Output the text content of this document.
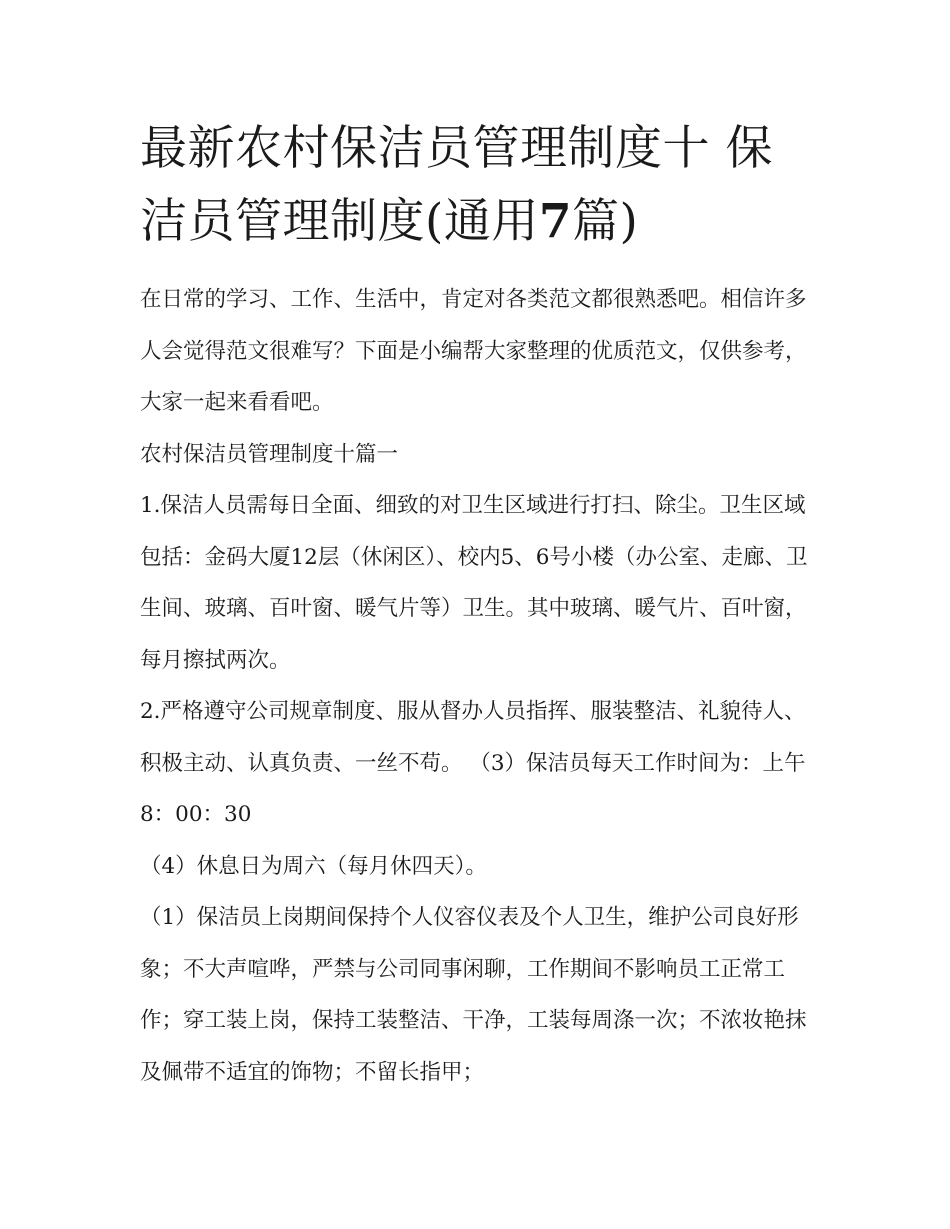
最新农村保洁员管理制度十 保洁员管理制度(通用7篇)

在日常的学习、工作、生活中，肯定对各类范文都很熟悉吧。相信许多人会觉得范文很难写？下面是小编帮大家整理的优质范文，仅供参考，大家一起来看看吧。

农村保洁员管理制度十篇一

1.保洁人员需每日全面、细致的对卫生区域进行打扫、除尘。卫生区域包括：金码大厦12层（休闲区）、校内5、6号小楼（办公室、走廊、卫生间、玻璃、百叶窗、暖气片等）卫生。其中玻璃、暖气片、百叶窗，每月擦拭两次。

2.严格遵守公司规章制度、服从督办人员指挥、服装整洁、礼貌待人、积极主动、认真负责、一丝不苟。 （3）保洁员每天工作时间为：上午8：00：30

（4）休息日为周六（每月休四天）。

（1）保洁员上岗期间保持个人仪容仪表及个人卫生，维护公司良好形象；不大声喧哗，严禁与公司同事闲聊，工作期间不影响员工正常工作；穿工装上岗，保持工装整洁、干净，工装每周涤一次；不浓妆艳抹及佩带不适宜的饰物；不留长指甲；
